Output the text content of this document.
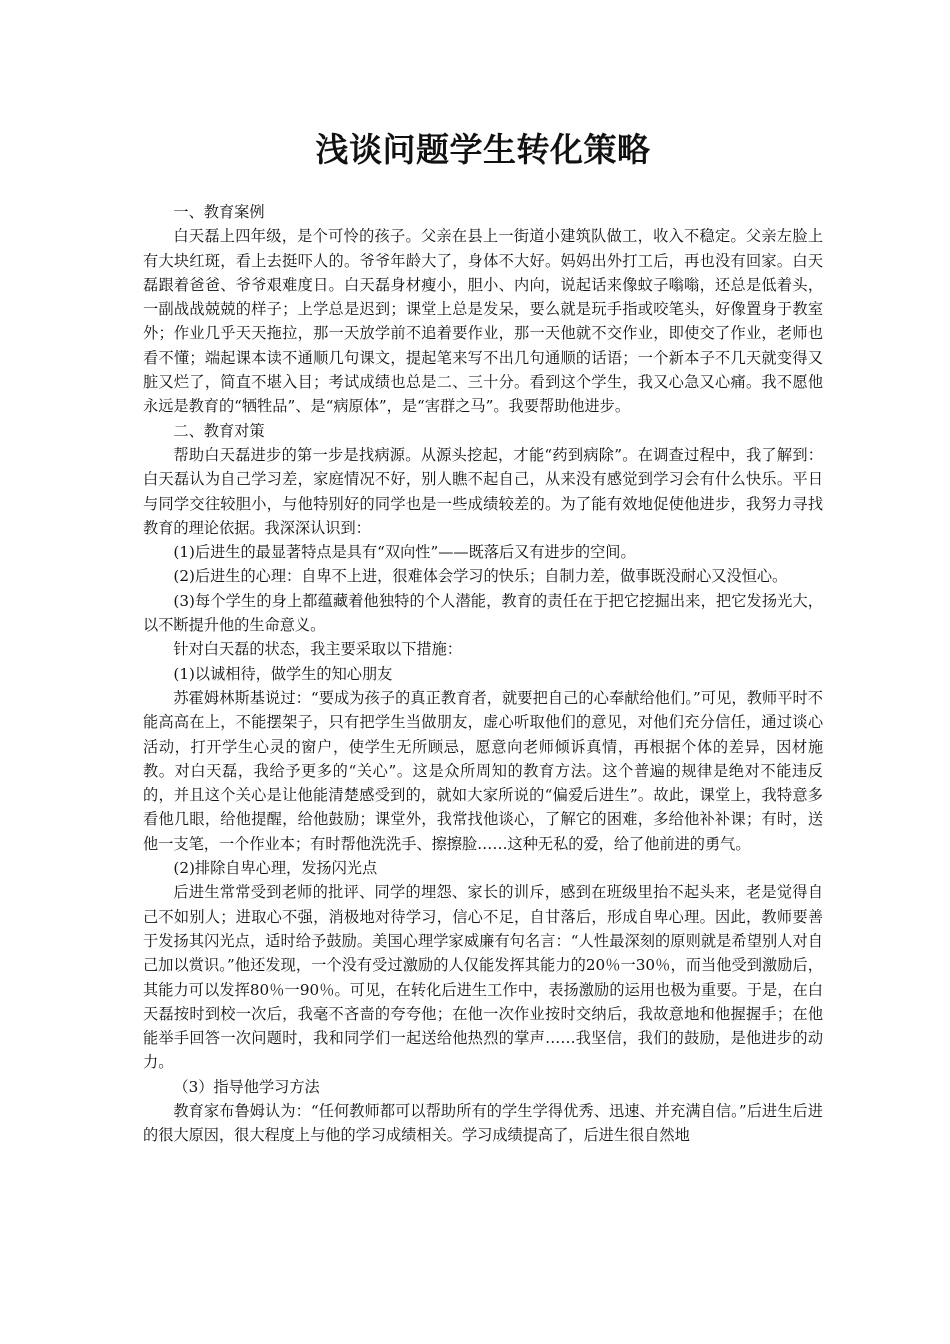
浅谈问题学生转化策略

一、教育案例

白天磊上四年级，是个可怜的孩子。父亲在县上一街道小建筑队做工，收入不稳定。父亲左脸上有大块红斑，看上去挺吓人的。爷爷年龄大了，身体不大好。妈妈出外打工后，再也没有回家。白天磊跟着爸爸、爷爷艰难度日。白天磊身材瘦小，胆小、内向，说起话来像蚊子嗡嗡，还总是低着头，一副战战兢兢的样子；上学总是迟到；课堂上总是发呆，要么就是玩手指或咬笔头，好像置身于教室外；作业几乎天天拖拉，那一天放学前不追着要作业，那一天他就不交作业，即使交了作业，老师也看不懂；端起课本读不通顺几句课文，提起笔来写不出几句通顺的话语；一个新本子不几天就变得又脏又烂了，简直不堪入目；考试成绩也总是二、三十分。看到这个学生，我又心急又心痛。我不愿他永远是教育的“牺牲品”、是“病原体”，是“害群之马”。我要帮助他进步。

二、教育对策

帮助白天磊进步的第一步是找病源。从源头挖起，才能“药到病除”。在调查过程中，我了解到：白天磊认为自己学习差，家庭情况不好，别人瞧不起自己，从来没有感觉到学习会有什么快乐。平日与同学交往较胆小，与他特别好的同学也是一些成绩较差的。为了能有效地促使他进步，我努力寻找教育的理论依据。我深深认识到：

(1)后进生的最显著特点是具有“双向性”——既落后又有进步的空间。

(2)后进生的心理：自卑不上进，很难体会学习的快乐；自制力差，做事既没耐心又没恒心。

(3)每个学生的身上都蕴藏着他独特的个人潜能，教育的责任在于把它挖掘出来，把它发扬光大，以不断提升他的生命意义。

针对白天磊的状态，我主要采取以下措施：

(1)以诚相待，做学生的知心朋友

苏霍姆林斯基说过：“要成为孩子的真正教育者，就要把自己的心奉献给他们。”可见，教师平时不能高高在上，不能摆架子，只有把学生当做朋友，虚心听取他们的意见，对他们充分信任，通过谈心活动，打开学生心灵的窗户，使学生无所顾忌，愿意向老师倾诉真情，再根据个体的差异，因材施教。对白天磊，我给予更多的“关心”。这是众所周知的教育方法。这个普遍的规律是绝对不能违反的，并且这个关心是让他能清楚感受到的，就如大家所说的“偏爱后进生”。故此，课堂上，我特意多看他几眼，给他提醒，给他鼓励；课堂外，我常找他谈心，了解它的困难，多给他补补课；有时，送他一支笔，一个作业本；有时帮他洗洗手、擦擦脸……这种无私的爱，给了他前进的勇气。

(2)排除自卑心理，发扬闪光点

后进生常常受到老师的批评、同学的埋怨、家长的训斥，感到在班级里抬不起头来，老是觉得自己不如别人；进取心不强，消极地对待学习，信心不足，自甘落后，形成自卑心理。因此，教师要善于发扬其闪光点，适时给予鼓励。美国心理学家威廉有句名言：“人性最深刻的原则就是希望别人对自己加以赏识。”他还发现，一个没有受过激励的人仅能发挥其能力的20％一30％，而当他受到激励后，其能力可以发挥80％一90％。可见，在转化后进生工作中，表扬激励的运用也极为重要。于是，在白天磊按时到校一次后，我毫不吝啬的夸夸他；在他一次作业按时交纳后，我故意地和他握握手；在他能举手回答一次问题时，我和同学们一起送给他热烈的掌声……我坚信，我们的鼓励，是他进步的动力。

（3）指导他学习方法

教育家布鲁姆认为：“任何教师都可以帮助所有的学生学得优秀、迅速、并充满自信。”后进生后进的很大原因，很大程度上与他的学习成绩相关。学习成绩提高了，后进生很自然地
